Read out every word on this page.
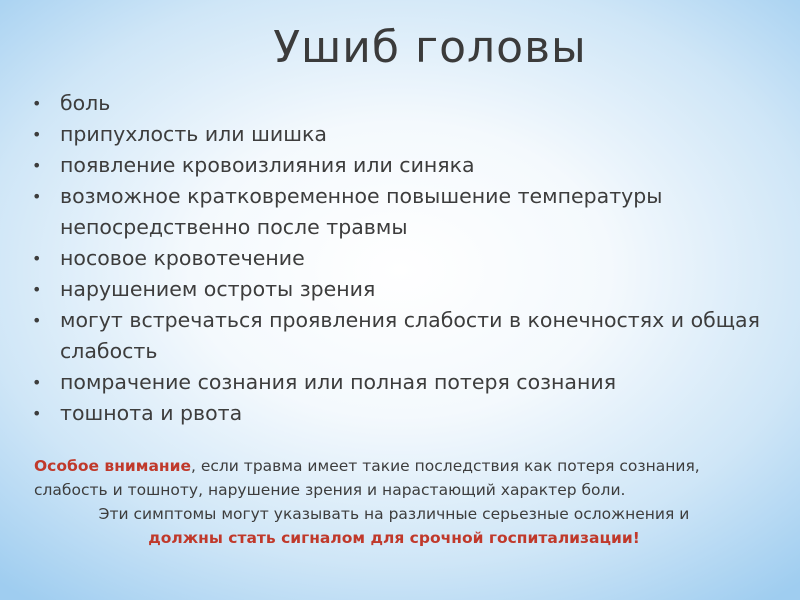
Ушиб головы
• боль
• припухлость или шишка
• появление кровоизлияния или синяка
• возможное кратковременное повышение температуры непосредственно после травмы
• носовое кровотечение
• нарушением остроты зрения
• могут встречаться проявления слабости в конечностях и общая слабость
• помрачение сознания или полная потеря сознания
• тошнота и рвота
Особое внимание, если травма имеет такие последствия как потеря сознания, слабость и тошноту, нарушение зрения и нарастающий характер боли.
Эти симптомы могут указывать на различные серьезные осложнения и
должны стать сигналом для срочной госпитализации!
